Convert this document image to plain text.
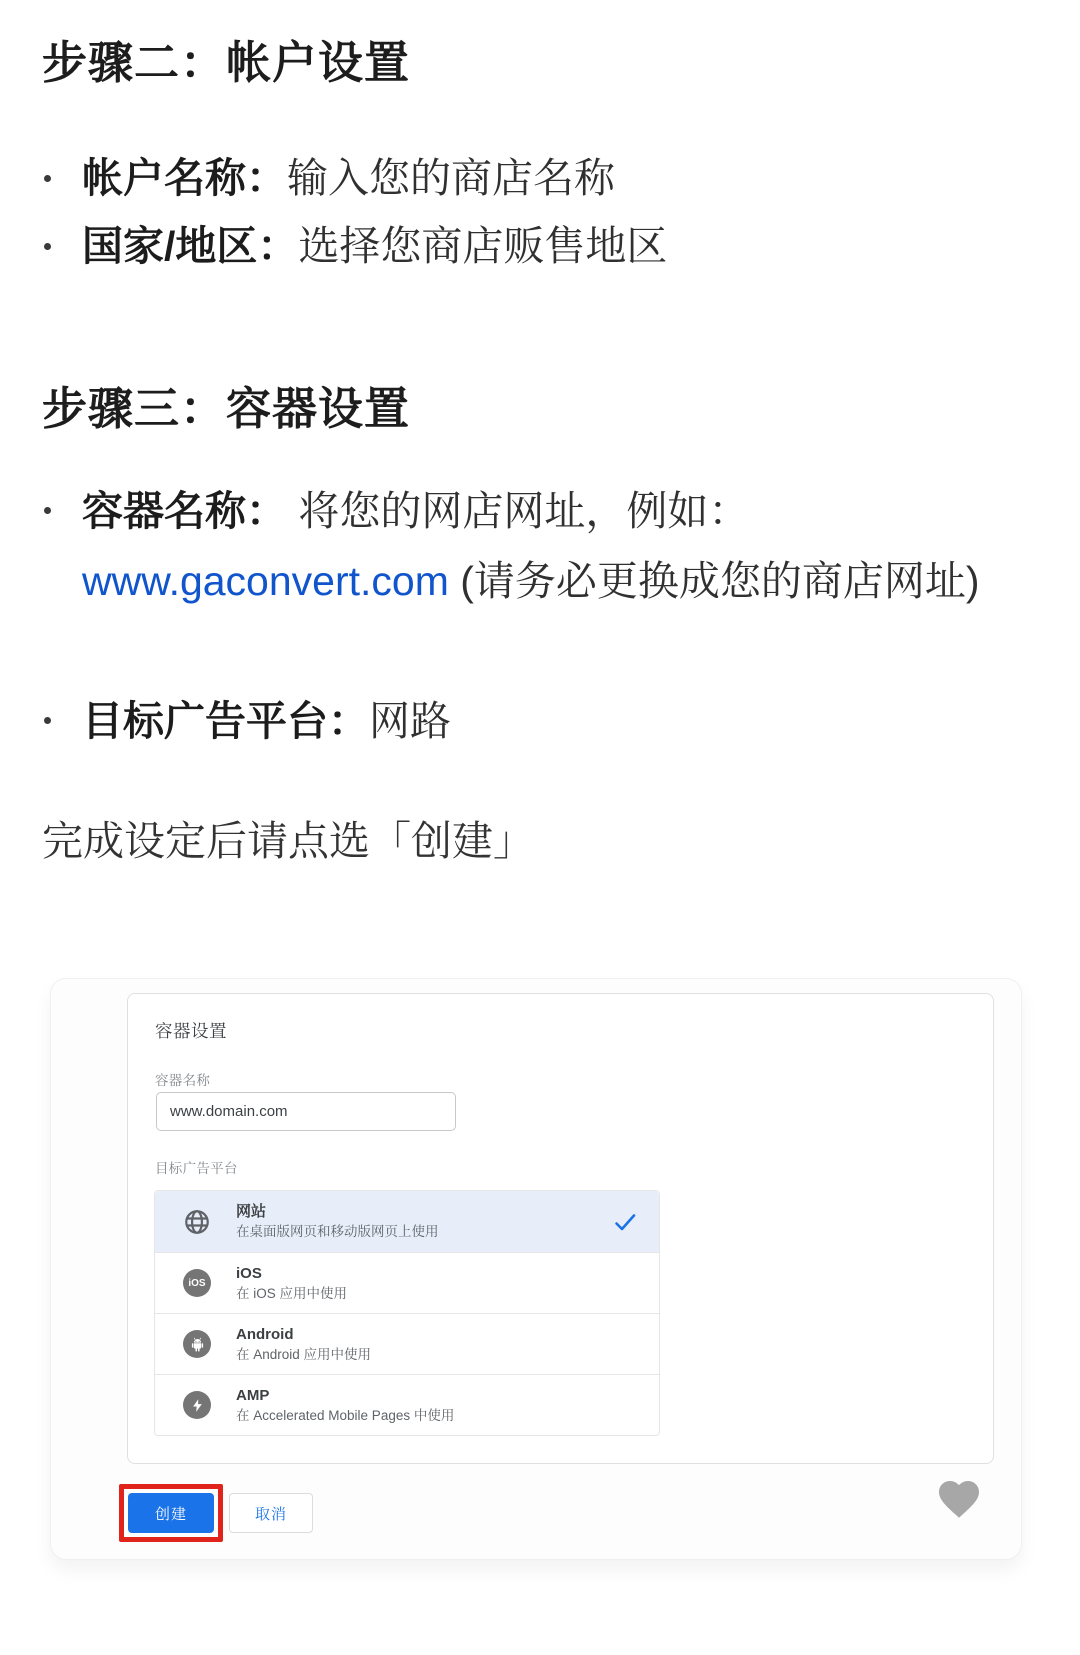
步骤二：帐户设置
帐户名称：输入您的商店名称
国家/地区：选择您商店贩售地区
步骤三：容器设置
容器名称： 将您的网店网址，例如：www.gaconvert.com (请务必更换成您的商店网址)
目标广告平台：网路
完成设定后请点选「创建」
容器设置
容器名称
www.domain.com
目标广告平台
网站
在桌面版网页和移动版网页上使用
iOS
iOS
在 iOS 应用中使用
Android
在 Android 应用中使用
AMP
在 Accelerated Mobile Pages 中使用
创建	取消
